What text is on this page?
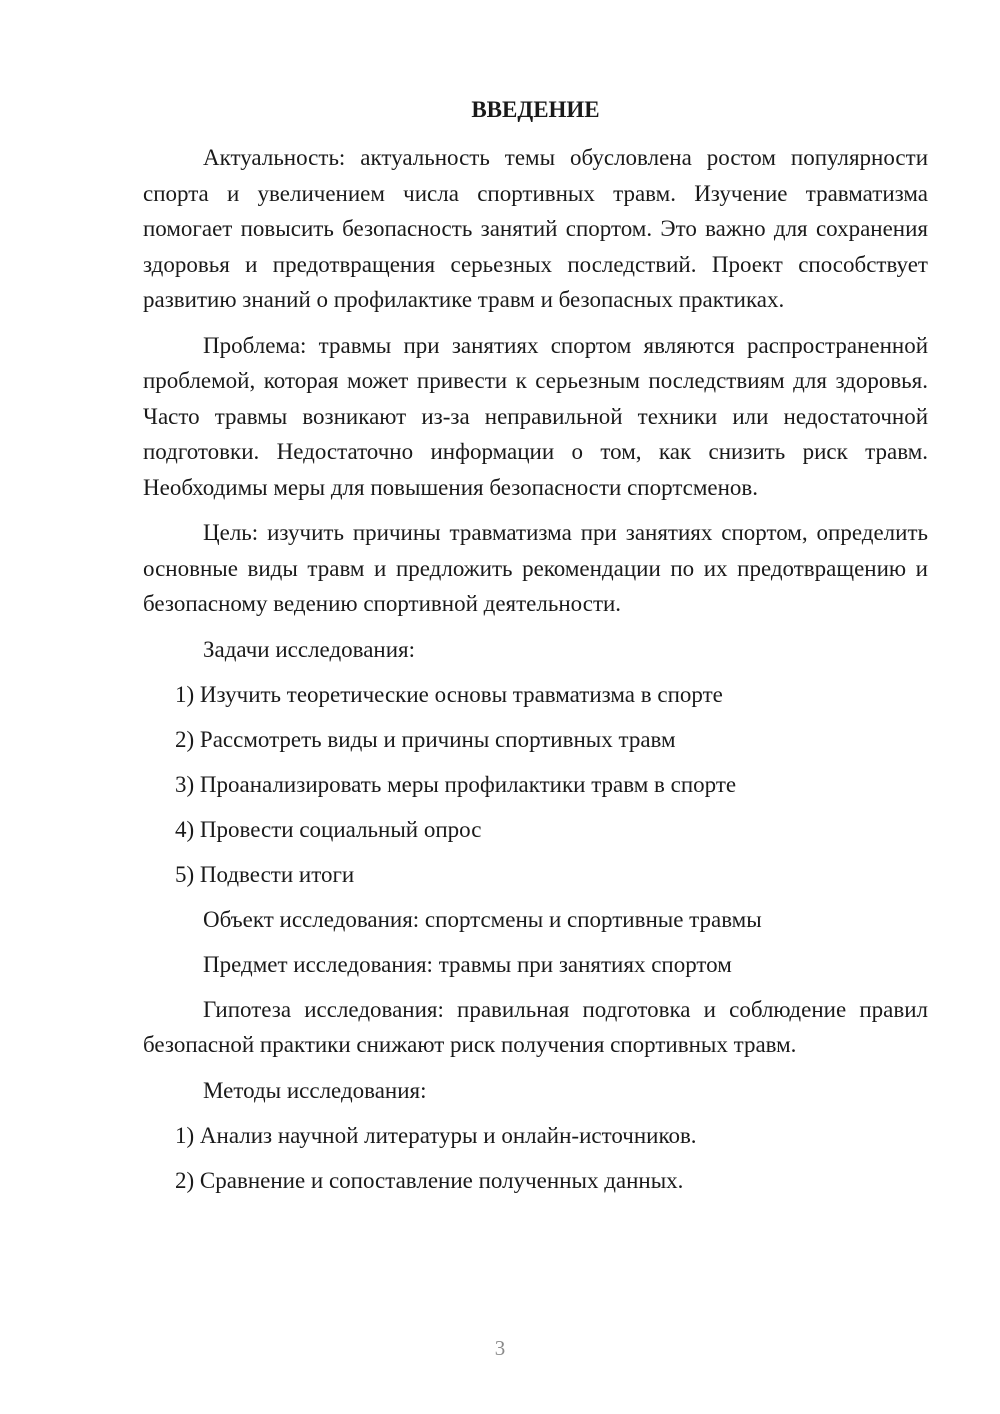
ВВЕДЕНИЕ

Актуальность: актуальность темы обусловлена ростом популярности спорта и увеличением числа спортивных травм. Изучение травматизма помогает повысить безопасность занятий спортом. Это важно для сохранения здоровья и предотвращения серьезных последствий. Проект способствует развитию знаний о профилактике травм и безопасных практиках.

Проблема: травмы при занятиях спортом являются распространенной проблемой, которая может привести к серьезным последствиям для здоровья. Часто травмы возникают из-за неправильной техники или недостаточной подготовки. Недостаточно информации о том, как снизить риск травм. Необходимы меры для повышения безопасности спортсменов.

Цель: изучить причины травматизма при занятиях спортом, определить основные виды травм и предложить рекомендации по их предотвращению и безопасному ведению спортивной деятельности.

Задачи исследования:
1) Изучить теоретические основы травматизма в спорте
2) Рассмотреть виды и причины спортивных травм
3) Проанализировать меры профилактики травм в спорте
4) Провести социальный опрос
5) Подвести итоги
Объект исследования: спортсмены и спортивные травмы
Предмет исследования: травмы при занятиях спортом

Гипотеза исследования: правильная подготовка и соблюдение правил безопасной практики снижают риск получения спортивных травм.

Методы исследования:
1) Анализ научной литературы и онлайн-источников.
2) Сравнение и сопоставление полученных данных.
3
